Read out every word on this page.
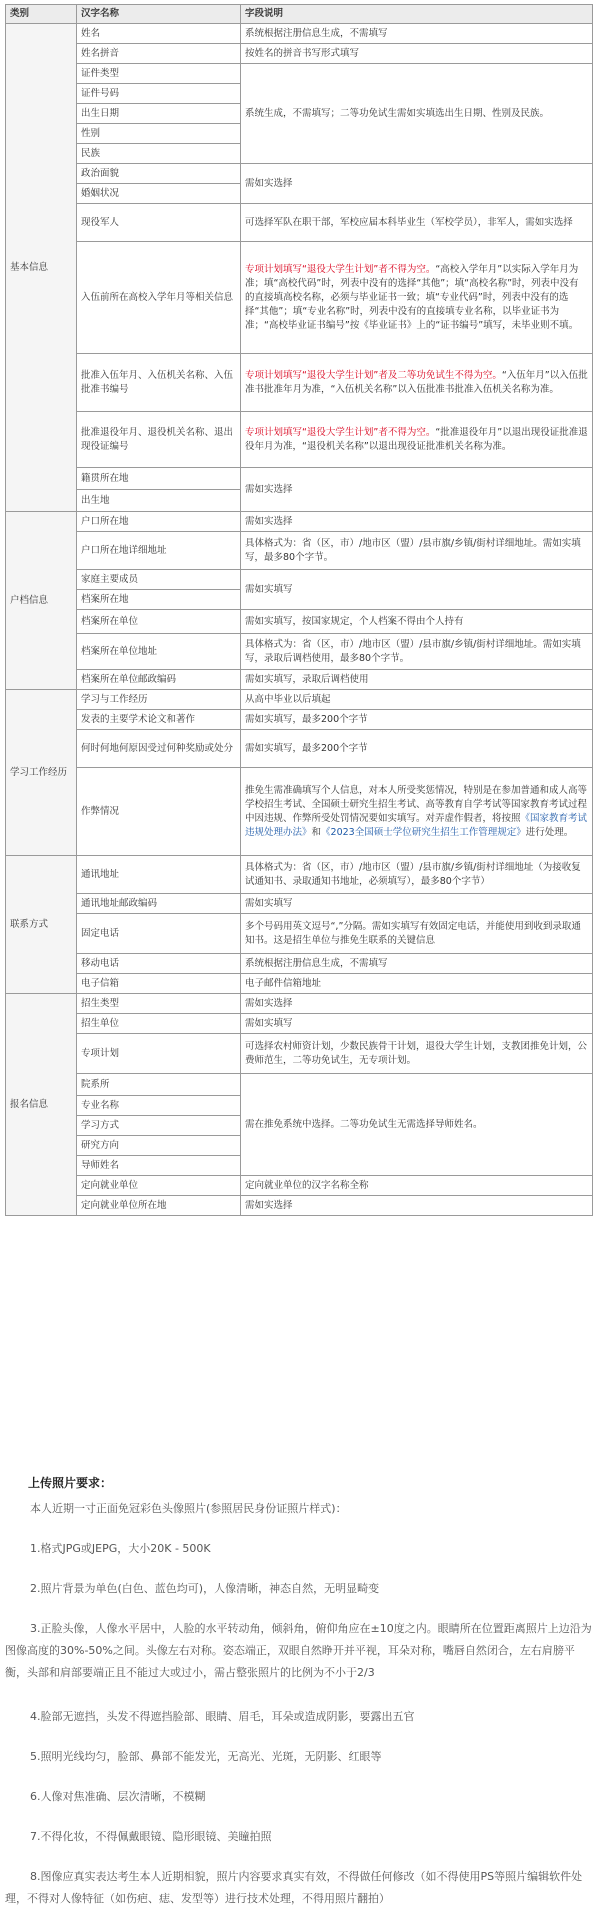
类别	汉字名称	字段说明
基本信息	姓名	系统根据注册信息生成，不需填写
	姓名拼音	按姓名的拼音书写形式填写
	证件类型	系统生成，不需填写；二等功免试生需如实填选出生日期、性别及民族。
	证件号码	
	出生日期	
	性别	
	民族	
	政治面貌	需如实选择
	婚姻状况	
	现役军人	可选择军队在职干部，军校应届本科毕业生（军校学员），非军人，需如实选择
	入伍前所在高校入学年月等相关信息	专项计划填写“退役大学生计划”者不得为空。“高校入学年月”以实际入学年月为准；填“高校代码”时，列表中没有的选择“其他”；填“高校名称”时，列表中没有的直接填高校名称，必须与毕业证书一致；填“专业代码”时，列表中没有的选择“其他”；填“专业名称”时，列表中没有的直接填专业名称，以毕业证书为准；“高校毕业证书编号”按《毕业证书》上的“证书编号”填写，未毕业则不填。
	批准入伍年月、入伍机关名称、入伍批准书编号	专项计划填写“退役大学生计划”者及二等功免试生不得为空。“入伍年月”以入伍批准书批准年月为准，“入伍机关名称”以入伍批准书批准入伍机关名称为准。
	批准退役年月、退役机关名称、退出现役证编号	专项计划填写“退役大学生计划”者不得为空。“批准退役年月”以退出现役证批准退役年月为准，“退役机关名称”以退出现役证批准机关名称为准。
	籍贯所在地	需如实选择
	出生地	
户档信息	户口所在地	需如实选择
	户口所在地详细地址	具体格式为：省（区，市）/地市区（盟）/县市旗/乡镇/街村详细地址。需如实填写，最多80个字节。
	家庭主要成员	需如实填写
	档案所在地	
	档案所在单位	需如实填写，按国家规定，个人档案不得由个人持有
	档案所在单位地址	具体格式为：省（区，市）/地市区（盟）/县市旗/乡镇/街村详细地址。需如实填写，录取后调档使用，最多80个字节。
	档案所在单位邮政编码	需如实填写，录取后调档使用
学习工作经历	学习与工作经历	从高中毕业以后填起
	发表的主要学术论文和著作	需如实填写，最多200个字节
	何时何地何原因受过何种奖励或处分	需如实填写，最多200个字节
	作弊情况	推免生需准确填写个人信息，对本人所受奖惩情况，特别是在参加普通和成人高等学校招生考试、全国硕士研究生招生考试、高等教育自学考试等国家教育考试过程中因违规、作弊所受处罚情况要如实填写。对弄虚作假者，将按照《国家教育考试违规处理办法》和《2023全国硕士学位研究生招生工作管理规定》进行处理。
联系方式	通讯地址	具体格式为：省（区，市）/地市区（盟）/县市旗/乡镇/街村详细地址（为接收复试通知书、录取通知书地址，必须填写），最多80个字节）
	通讯地址邮政编码	需如实填写
	固定电话	多个号码用英文逗号“,”分隔。需如实填写有效固定电话，并能使用到收到录取通知书。这是招生单位与推免生联系的关键信息
	移动电话	系统根据注册信息生成，不需填写
	电子信箱	电子邮件信箱地址
报名信息	招生类型	需如实选择
	招生单位	需如实填写
	专项计划	可选择农村师资计划，少数民族骨干计划，退役大学生计划，支教团推免计划，公费师范生，二等功免试生，无专项计划。
	院系所	需在推免系统中选择。二等功免试生无需选择导师姓名。
	专业名称	
	学习方式	
	研究方向	
	导师姓名	
	定向就业单位	定向就业单位的汉字名称全称
	定向就业单位所在地	需如实选择
上传照片要求：

本人近期一寸正面免冠彩色头像照片(参照居民身份证照片样式)：

1.格式JPG或JEPG，大小20K - 500K

2.照片背景为单色(白色、蓝色均可)，人像清晰，神态自然，无明显畸变

3.正脸头像，人像水平居中，人脸的水平转动角，倾斜角，俯仰角应在±10度之内。眼睛所在位置距离照片上边沿为图像高度的30%-50%之间。头像左右对称。姿态端正，双眼自然睁开并平视，耳朵对称，嘴唇自然闭合，左右肩膀平衡，头部和肩部要端正且不能过大或过小，需占整张照片的比例为不小于2/3

4.脸部无遮挡，头发不得遮挡脸部、眼睛、眉毛，耳朵或造成阴影，要露出五官

5.照明光线均匀，脸部、鼻部不能发光，无高光、光斑，无阴影、红眼等

6.人像对焦准确、层次清晰，不模糊

7.不得化妆，不得佩戴眼镜、隐形眼镜、美瞳拍照

8.图像应真实表达考生本人近期相貌，照片内容要求真实有效，不得做任何修改（如不得使用PS等照片编辑软件处理，不得对人像特征（如伤疤、痣、发型等）进行技术处理，不得用照片翻拍）
